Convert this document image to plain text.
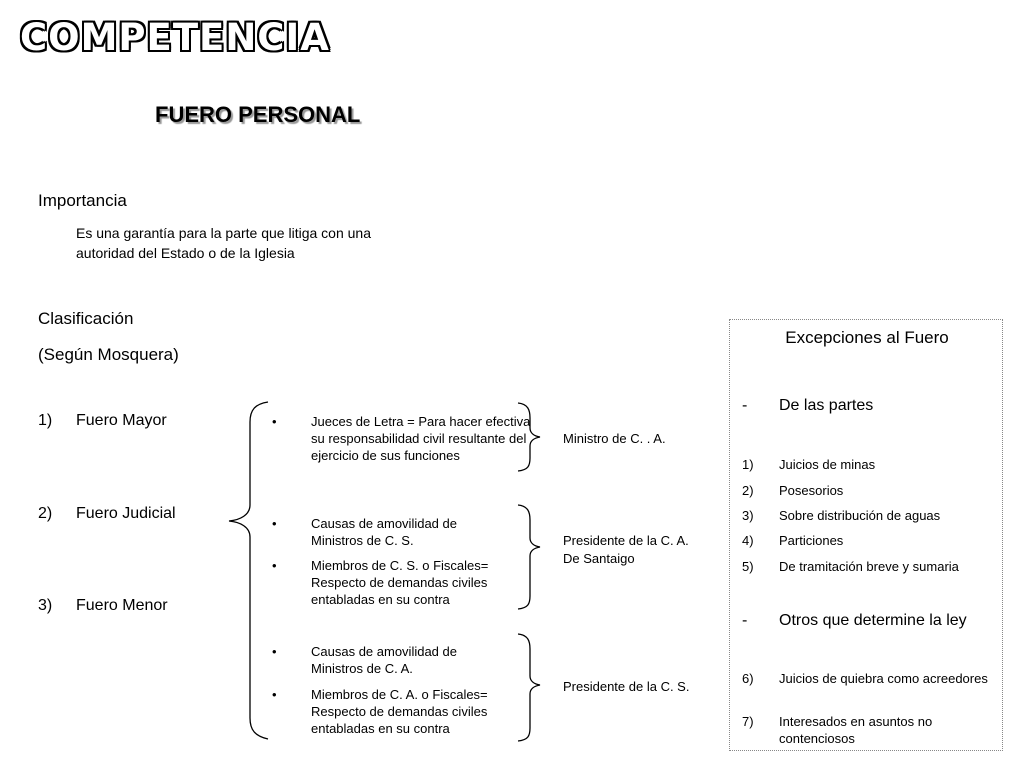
COMPETENCIA
FUERO PERSONAL
Importancia
Es una garantía para la parte que litiga con una
autoridad del Estado o de la Iglesia
Clasificación
(Según Mosquera)
1) Fuero Mayor
2) Fuero Judicial
3) Fuero Menor
•	Jueces de Letra = Para hacer efectiva su responsabilidad civil resultante del ejercicio de sus funciones
Ministro de C. . A.
•	Causas de amovilidad de Ministros de C. S.
•	Miembros de C. S. o Fiscales= Respecto de demandas civiles entabladas en su contra
Presidente de la C. A.
De Santaigo
•	Causas de amovilidad de Ministros de C. A.
•	Miembros de C. A. o Fiscales= Respecto de demandas civiles entabladas en su contra
Presidente de la C. S.
Excepciones al Fuero
- De las partes
1) Juicios de minas
2) Posesorios
3) Sobre distribución de aguas
4) Particiones
5) De tramitación breve y sumaria
- Otros que determine la ley
6) Juicios de quiebra como acreedores
7) Interesados en asuntos no contenciosos
